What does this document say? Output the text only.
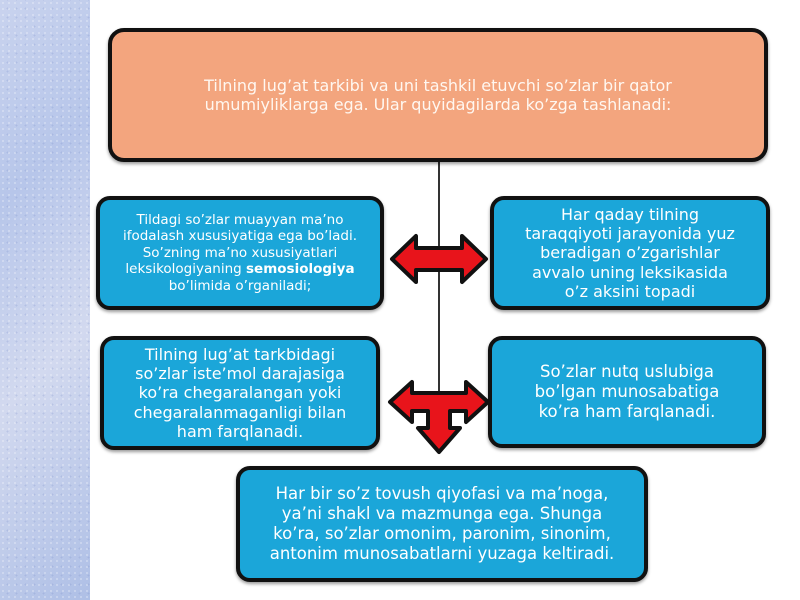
Tilning lug’at tarkibi va uni tashkil etuvchi so’zlar bir qator umumiyliklarga ega. Ular quyidagilarda ko’zga tashlanadi:
Tildagi so’zlar muayyan ma’no ifodalash xususiyatiga ega bo’ladi. So’zning ma’no xususiyatlari leksikologiyaning semosiologiya bo’limida o’rganiladi;
Har qaday tilning taraqqiyoti jarayonida yuz beradigan o’zgarishlar avvalo uning leksikasida o’z aksini topadi
Tilning lug’at tarkbidagi so’zlar iste’mol darajasiga ko’ra chegaralangan yoki chegaralanmaganligi bilan ham farqlanadi.
So’zlar nutq uslubiga bo’lgan munosabatiga ko’ra ham farqlanadi.
Har bir so’z tovush qiyofasi va ma’noga, ya’ni shakl va mazmunga ega. Shunga ko’ra, so’zlar omonim, paronim, sinonim, antonim munosabatlarni yuzaga keltiradi.
